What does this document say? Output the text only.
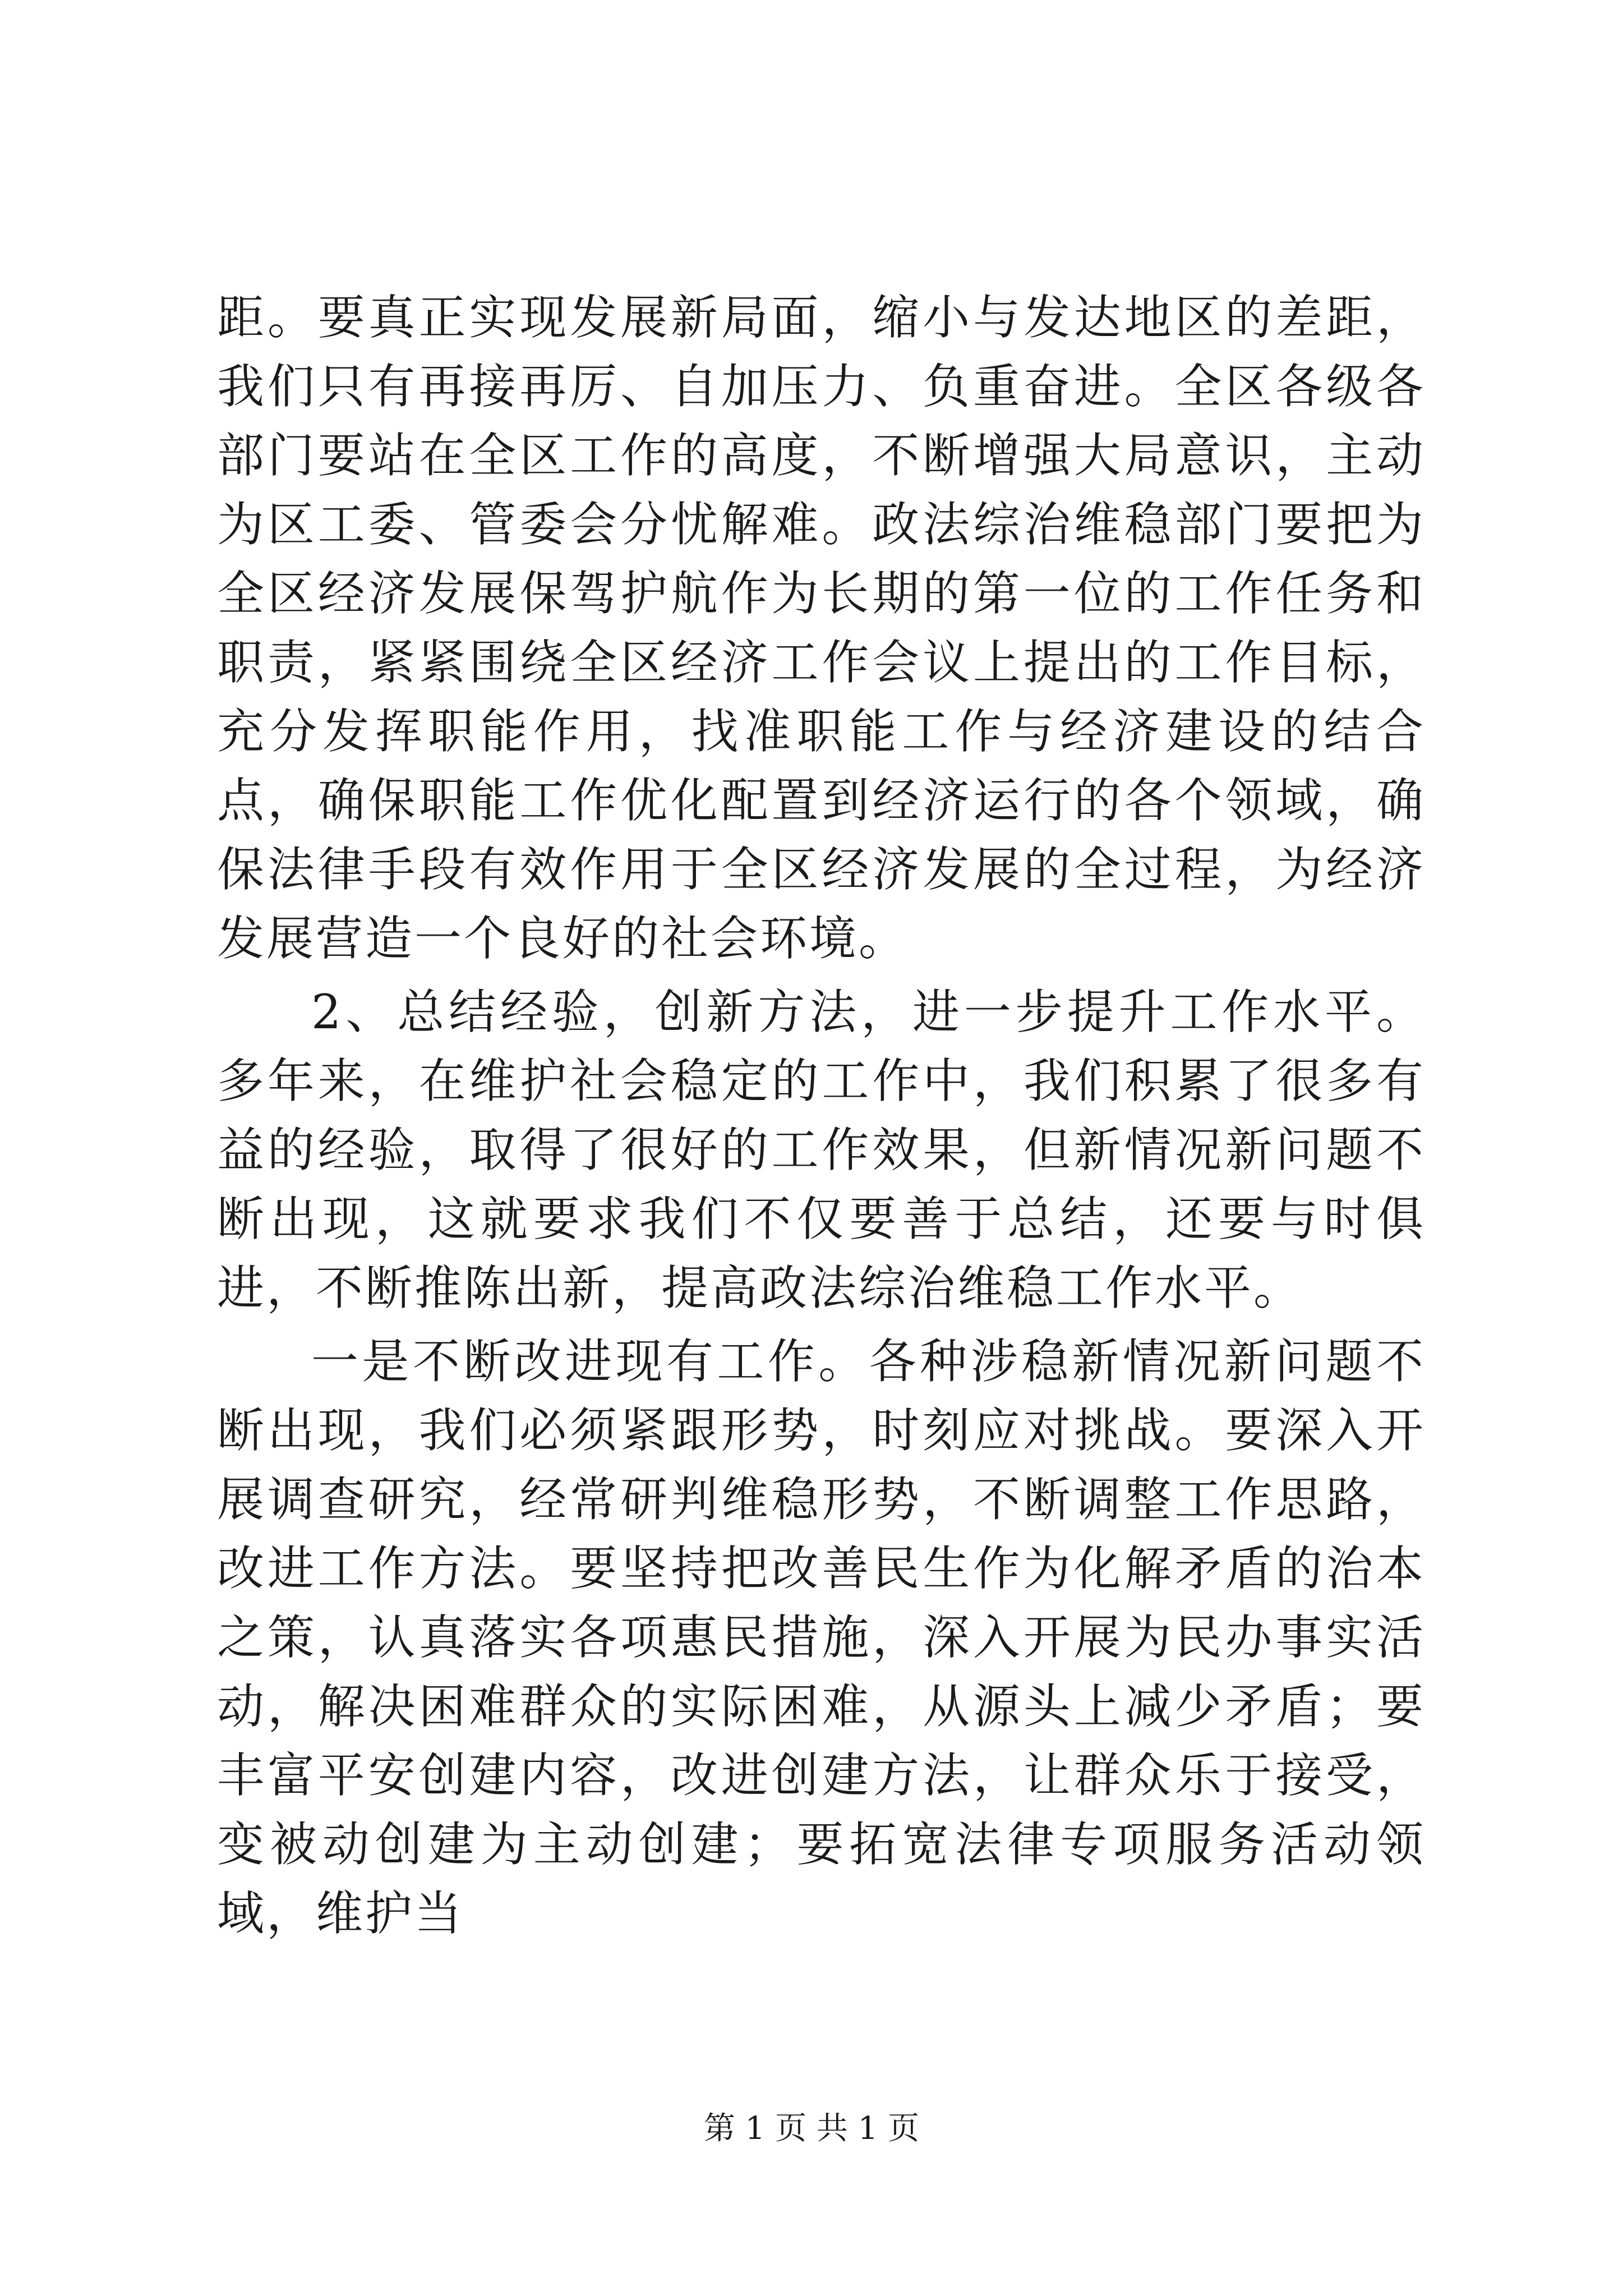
距。要真正实现发展新局面，缩小与发达地区的差距，我们只有再接再厉、自加压力、负重奋进。全区各级各部门要站在全区工作的高度，不断增强大局意识，主动为区工委、管委会分忧解难。政法综治维稳部门要把为全区经济发展保驾护航作为长期的第一位的工作任务和职责，紧紧围绕全区经济工作会议上提出的工作目标，充分发挥职能作用，找准职能工作与经济建设的结合点，确保职能工作优化配置到经济运行的各个领域，确保法律手段有效作用于全区经济发展的全过程，为经济发展营造一个良好的社会环境。

2、总结经验，创新方法，进一步提升工作水平。多年来，在维护社会稳定的工作中，我们积累了很多有益的经验，取得了很好的工作效果，但新情况新问题不断出现，这就要求我们不仅要善于总结，还要与时俱进，不断推陈出新，提高政法综治维稳工作水平。

一是不断改进现有工作。各种涉稳新情况新问题不断出现，我们必须紧跟形势，时刻应对挑战。要深入开展调查研究，经常研判维稳形势，不断调整工作思路，改进工作方法。要坚持把改善民生作为化解矛盾的治本之策，认真落实各项惠民措施，深入开展为民办事实活动，解决困难群众的实际困难，从源头上减少矛盾；要丰富平安创建内容，改进创建方法，让群众乐于接受，变被动创建为主动创建；要拓宽法律专项服务活动领域，维护当

第 1 页 共 1 页
